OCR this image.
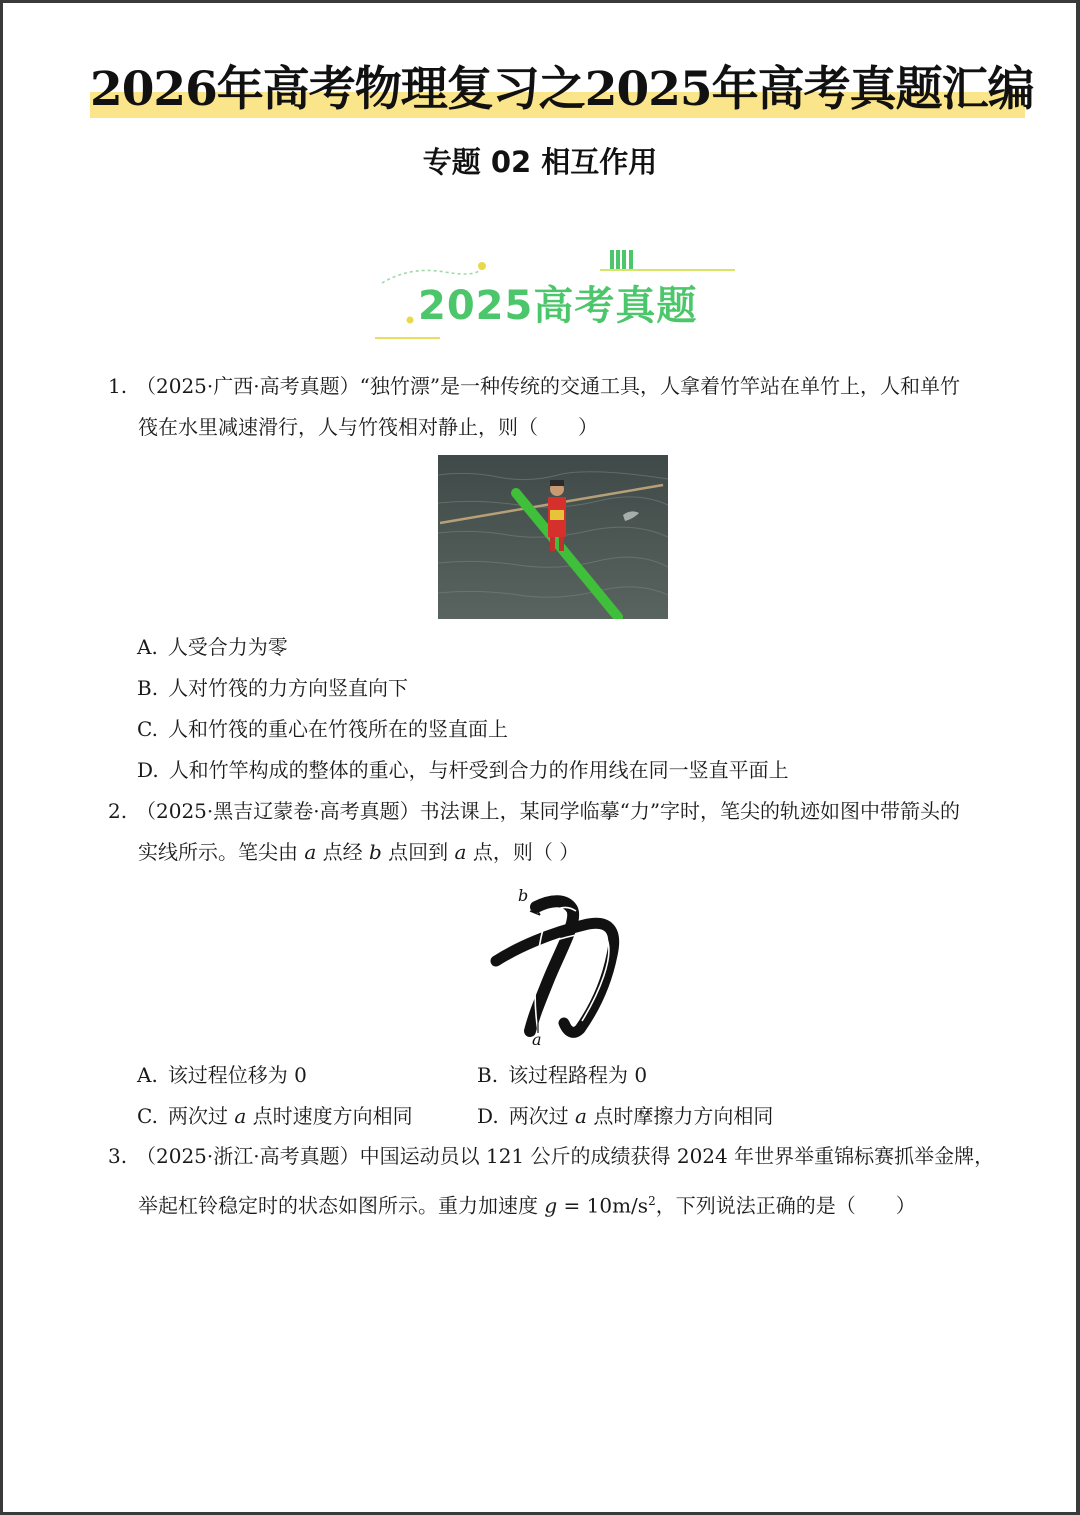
2026年高考物理复习之2025年高考真题汇编
专题 02 相互作用
2025高考真题
1. （2025·广西·高考真题）“独竹漂”是一种传统的交通工具，人拿着竹竿站在单竹上，人和单竹
筏在水里减速滑行，人与竹筏相对静止，则（　　）
A. 人受合力为零
B. 人对竹筏的力方向竖直向下
C. 人和竹筏的重心在竹筏所在的竖直面上
D. 人和竹竿构成的整体的重心，与杆受到合力的作用线在同一竖直平面上
2. （2025·黑吉辽蒙卷·高考真题）书法课上，某同学临摹“力”字时，笔尖的轨迹如图中带箭头的
实线所示。笔尖由 a 点经 b 点回到 a 点，则（ ）
b
a
A. 该过程位移为 0	B. 该过程路程为 0
C. 两次过 a 点时速度方向相同	D. 两次过 a 点时摩擦力方向相同
3. （2025·浙江·高考真题）中国运动员以 121 公斤的成绩获得 2024 年世界举重锦标赛抓举金牌，
举起杠铃稳定时的状态如图所示。重力加速度 $g = 10m/s^2$，下列说法正确的是（　　）
